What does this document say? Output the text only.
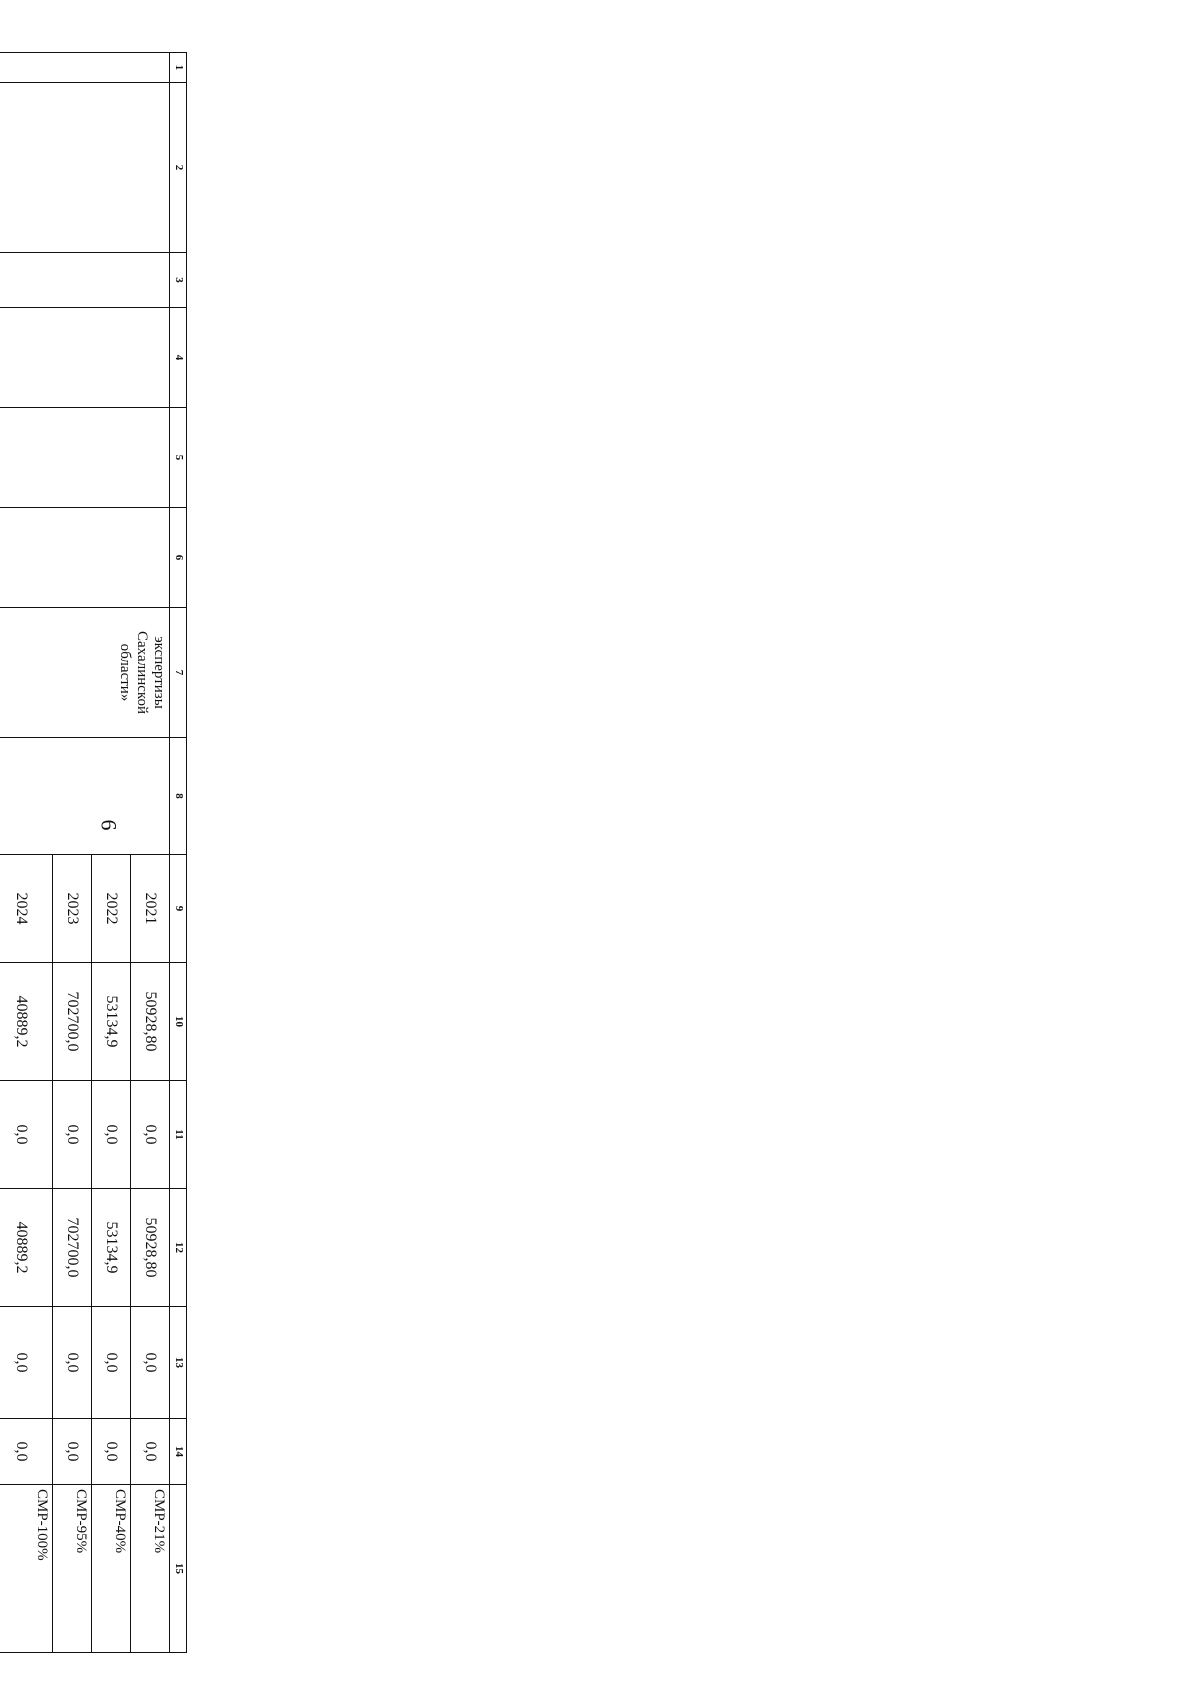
6
1	2	3	4	5	6	7	8	9	10	11	12	13	14	15
						экспертизы Сахалинской области»		2021	50928,80	0,0	50928,80	0,0	0,0	СМР-21%
								2022	53134,9	0,0	53134,9	0,0	0,0	СМР-40%
								2023	702700,0	0,0	702700,0	0,0	0,0	СМР-95%
								2024	40889,2	0,0	40889,2	0,0	0,0	СМР-100%
